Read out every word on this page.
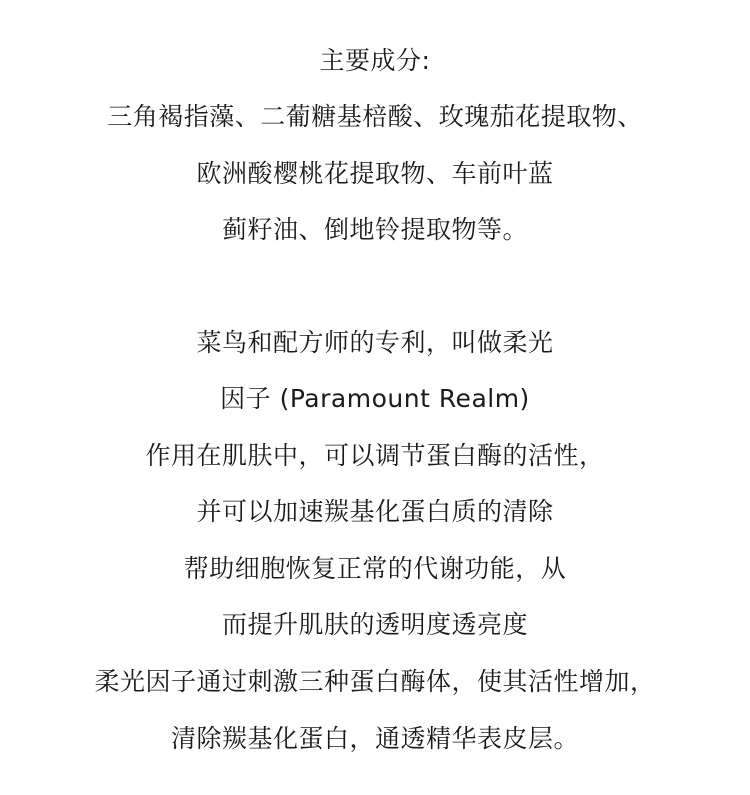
主要成分:
三角褐指藻、二葡糖基棓酸、玫瑰茄花提取物、
欧洲酸樱桃花提取物、车前叶蓝
蓟籽油、倒地铃提取物等。
菜鸟和配方师的专利，叫做柔光
因子 (Paramount Realm)
作用在肌肤中，可以调节蛋白酶的活性，
并可以加速羰基化蛋白质的清除
帮助细胞恢复正常的代谢功能，从
而提升肌肤的透明度透亮度
柔光因子通过刺激三种蛋白酶体，使其活性增加，
清除羰基化蛋白，通透精华表皮层。
